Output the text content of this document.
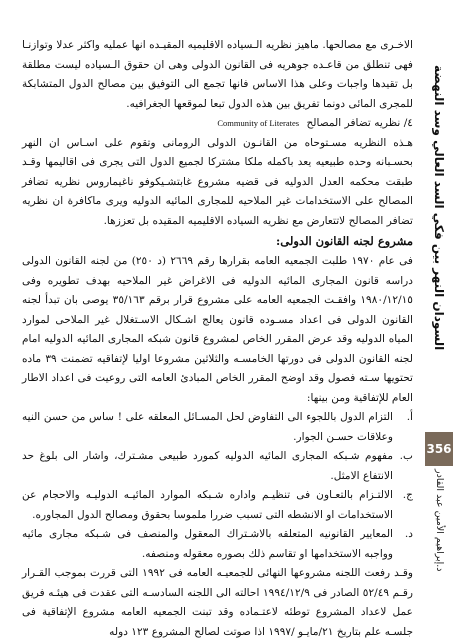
السودان النهر بين فكي السد العالي وسد النهضة
د.إبراهيم الأمين عبد القادر
356

الاخـرى مع مصالحها. ماهيز نظريه الـسياده الاقليميه المقيـده انها عمليه واكثر عدلا وتوازنـا فهى تنطلق من قاعـده جوهريه فى القانون الدولى وهى ان حقوق الـسياده ليست مطلقة بل تقيدها واجبات وعلى هذا الاساس فانها تجمع الى التوفيق بين مصالح الدول المتشابكة للمجرى المائى دونما تفريق بين هذه الدول تبعا لموقعها الجغرافيه.

٤/ نظريه تضافر المصالح Community of Literates

هـذه النظريه مسـتوحاه من القانـون الدولى الرومانى وتقوم على اسـاس ان النهر بحسـبانه وحده طبيعيه يعد باكمله ملكا مشتركا لجميع الدول التى يجرى فى اقاليمها وقـد طبقت محكمه العدل الدوليه فى قضيه مشروع غابتشـيكوفو ناغيماروس نظريه تضافر المصالح على الاستخدامات غير الملاحيه للمجارى المائيه الدوليه ويرى ماكافرة ان نظريه تضافر المصالح لاتتعارض مع نظريه السياده الاقليميه المقيده بل تعززها.

مشروع لجنه القانون الدولى:

فى عام ١٩٧٠ طلبت الجمعيه العامه بقرارها رقم ٢٦٦٩ (د ٢٥٠) من لجنه القانون الدولى دراسه قانون المجارى المائيه الدوليه فى الاغراض غير الملاحيه بهدف تطويره وفى ١٩٨٠/١٢/١٥ وافقـت الجمعيه العامه على مشروع قرار برقم ٣٥/١٦٣ يوصى بان تبدأ لجنه القانون الدولى فى اعداد مسـوده قانون يعالج اشـكال الاسـتغلال غير الملاحى لموارد المياه الدوليه وقد عرض المقرر الخاص لمشروع قانون شبكه المجارى المائيه الدوليه امام لجنه القانون الدولى فى دورتها الخامسـه والثلاثين مشروعا اوليا لإتفاقيه تضمنت ٣٩ ماده تحتويها سـته فصول وقد اوضح المقرر الخاص المبادئ العامه التى روعيت فى اعداد الاطار العام للإتفاقية ومن بينها:

أ.
التزام الدول باللجوء الى التفاوض لحل المسـائل المعلقه على ! ساس من حسن النيه وعلاقات حسـن الجوار.
ب.
مفهوم شـبكه المجارى المائيه الدوليه كمورد طبيعى مشـترك، واشار الى بلوغ حد الانتفاع الامثل.
ج.
الالتـزام بالتعـاون فى تنظيـم واداره شـبكه الموارد المائيـه الدوليـه والاحجام عن الاستخدامات او الانشطه التى تسبب ضررا ملموسا بحقوق ومصالح الدول المجاوره.
د.
المعايير القانونيه المتعلقه بالاشـتراك المعقول والمنصف فى شـبكه مجارى مائيه وواجبه الاستخدامها او تقاسم ذلك بصوره معقوله ومنصفه.

وقـد رفعت اللجنه مشروعها النهائى للجمعيـه العامه فى ١٩٩٢ التى قررت بموجب القـرار رقـم ٥٢/٤٩ الصادر فى ١٩٩٤/١٢/٩ احالته الى اللجنه السادسـه التى عقدت فى هيئـه فريق عمل لاعداد المشروع توطئه لاعتـماده وقد تبنت الجمعيه العامه مشروع الإتفاقية فى جلسـه علم بتاريخ ٢١/مايـو /١٩٩٧ اذا صوتت لصالح المشروع ١٢٣ دوله
